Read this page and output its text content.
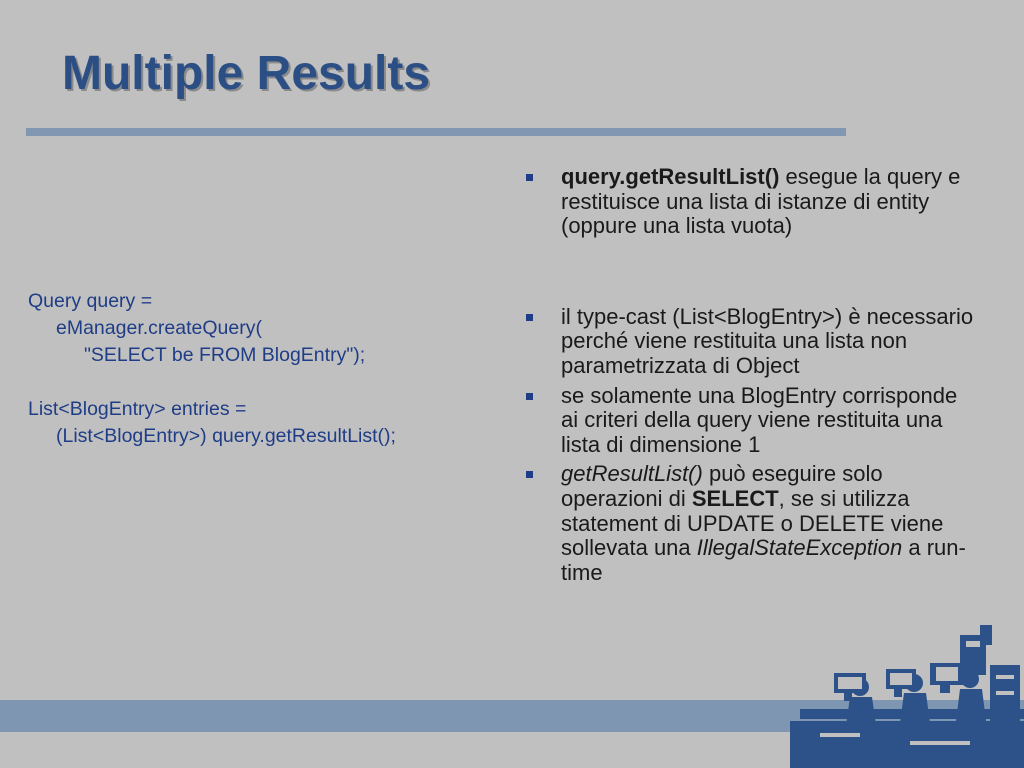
Multiple Results
Query query =
eManager.createQuery(
"SELECT be FROM BlogEntry");
List<BlogEntry> entries =
(List<BlogEntry>) query.getResultList();
query.getResultList() esegue la query e restituisce una lista di istanze di entity (oppure una lista vuota)
il type-cast (List<BlogEntry>) è necessario perché viene restituita una lista non parametrizzata di Object
se solamente una BlogEntry corrisponde ai criteri della query viene restituita una lista di dimensione 1
getResultList() può eseguire solo operazioni di SELECT, se si utilizza statement di UPDATE o DELETE viene sollevata una IllegalStateException a run-time
